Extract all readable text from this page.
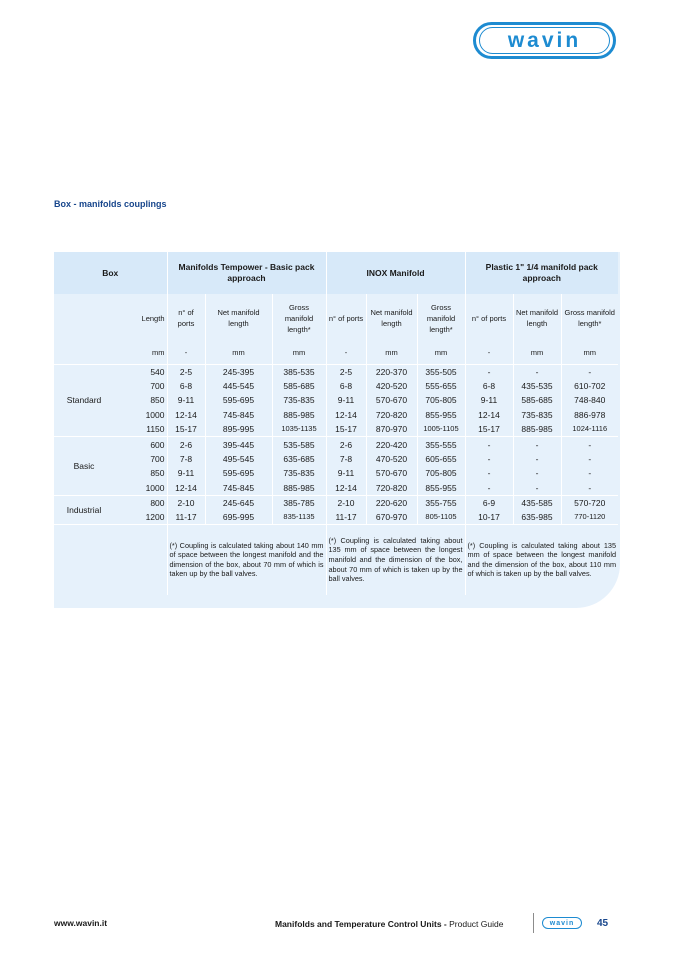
wavin
Box - manifolds couplings
Box		Manifolds Tempower - Basic pack approach			INOX Manifold			Plastic 1" 1/4 manifold pack approach		
	Length	n° of ports	Net manifold length	Gross manifold length*	n° of ports	Net manifold length	Gross manifold length*	n° of ports	Net manifold length	Gross manifold length*
	mm	-	mm	mm	-	mm	mm	-	mm	mm
Standard	540	2-5	245-395	385-535	2-5	220-370	355-505	-	-	-
	700	6-8	445-545	585-685	6-8	420-520	555-655	6-8	435-535	610-702
	850	9-11	595-695	735-835	9-11	570-670	705-805	9-11	585-685	748-840
	1000	12-14	745-845	885-985	12-14	720-820	855-955	12-14	735-835	886-978
	1150	15-17	895-995	1035-1135	15-17	870-970	1005-1105	15-17	885-985	1024-1116
Basic	600	2-6	395-445	535-585	2-6	220-420	355-555	-	-	-
	700	7-8	495-545	635-685	7-8	470-520	605-655	-	-	-
	850	9-11	595-695	735-835	9-11	570-670	705-805	-	-	-
	1000	12-14	745-845	885-985	12-14	720-820	855-955	-	-	-
Industrial	800	2-10	245-645	385-785	2-10	220-620	355-755	6-9	435-585	570-720
	1200	11-17	695-995	835-1135	11-17	670-970	805-1105	10-17	635-985	770-1120

		(*) Coupling is calculated taking about 140 mm of space between the longest manifold and the dimension of the box, about 70 mm of which is taken up by the ball valves.			(*) Coupling is calculated taking about 135 mm of space between the longest manifold and the dimension of the box, about 70 mm of which is taken up by the ball valves.			(*) Coupling is calculated taking about 135 mm of space between the longest manifold and the dimension of the box, about 110 mm of which is taken up by the ball valves.		
www.wavin.it	Manifolds and Temperature Control Units - Product Guide	wavin 45
